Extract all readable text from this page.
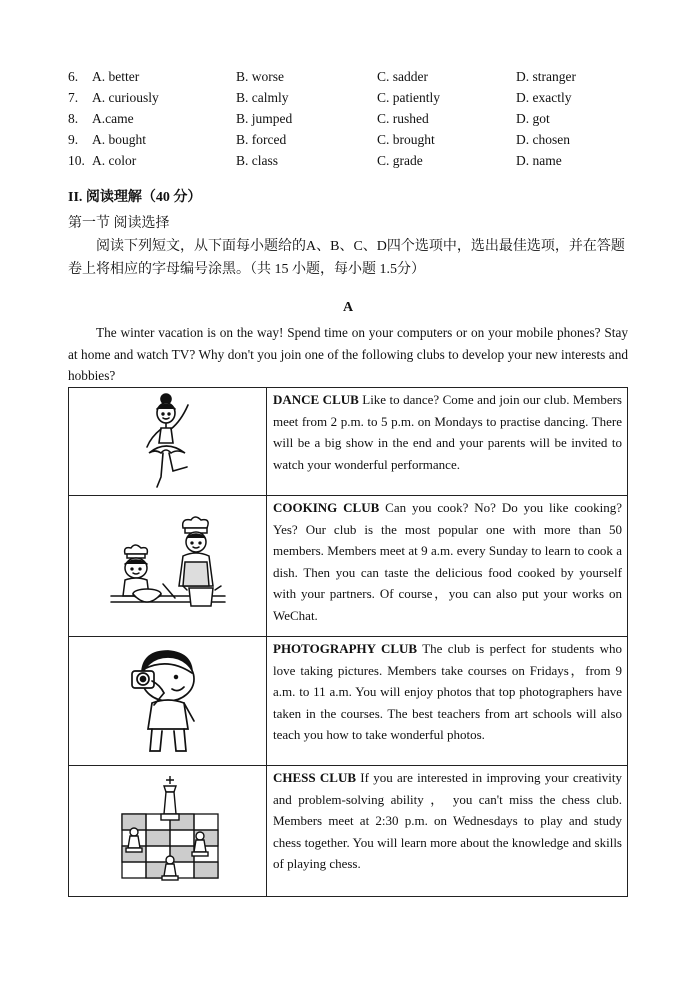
6. A. better	B. worse	C. sadder	D. stranger
7. A. curiously	B. calmly	C. patiently	D. exactly
8. A.came	B. jumped	C. rushed	D. got
9. A. bought	B. forced	C. brought	D. chosen
10. A. color	B. class	C. grade	D. name
II. 阅读理解（40 分）
第一节 阅读选择
阅读下列短文，从下面每小题给的A、B、C、D四个选项中，选出最佳选项，并在答题卷上将相应的字母编号涂黑。（共 15 小题，每小题 1.5分）
A
The winter vacation is on the way! Spend time on your computers or on your mobile phones? Stay at home and watch TV? Why don't you join one of the following clubs to develop your new interests and hobbies?
	DANCE CLUB Like to dance? Come and join our club. Members meet from 2 p.m. to 5 p.m. on Mondays to practise dancing. There will be a big show in the end and your parents will be invited to watch your wonderful performance.

	COOKING CLUB Can you cook? No? Do you like cooking? Yes? Our club is the most popular one with more than 50 members. Members meet at 9 a.m. every Sunday to learn to cook a dish. Then you can taste the delicious food cooked by yourself with your partners. Of course，you can also put your works on WeChat.

	PHOTOGRAPHY CLUB The club is perfect for students who love taking pictures. Members take courses on Fridays，from 9 a.m. to 11 a.m. You will enjoy photos that top photographers have taken in the courses. The best teachers from art schools will also teach you how to take wonderful photos.

	CHESS CLUB If you are interested in improving your creativity and problem-solving ability ， you can't miss the chess club. Members meet at 2:30 p.m. on Wednesdays to play and study chess together. You will learn more about the knowledge and skills of playing chess.
